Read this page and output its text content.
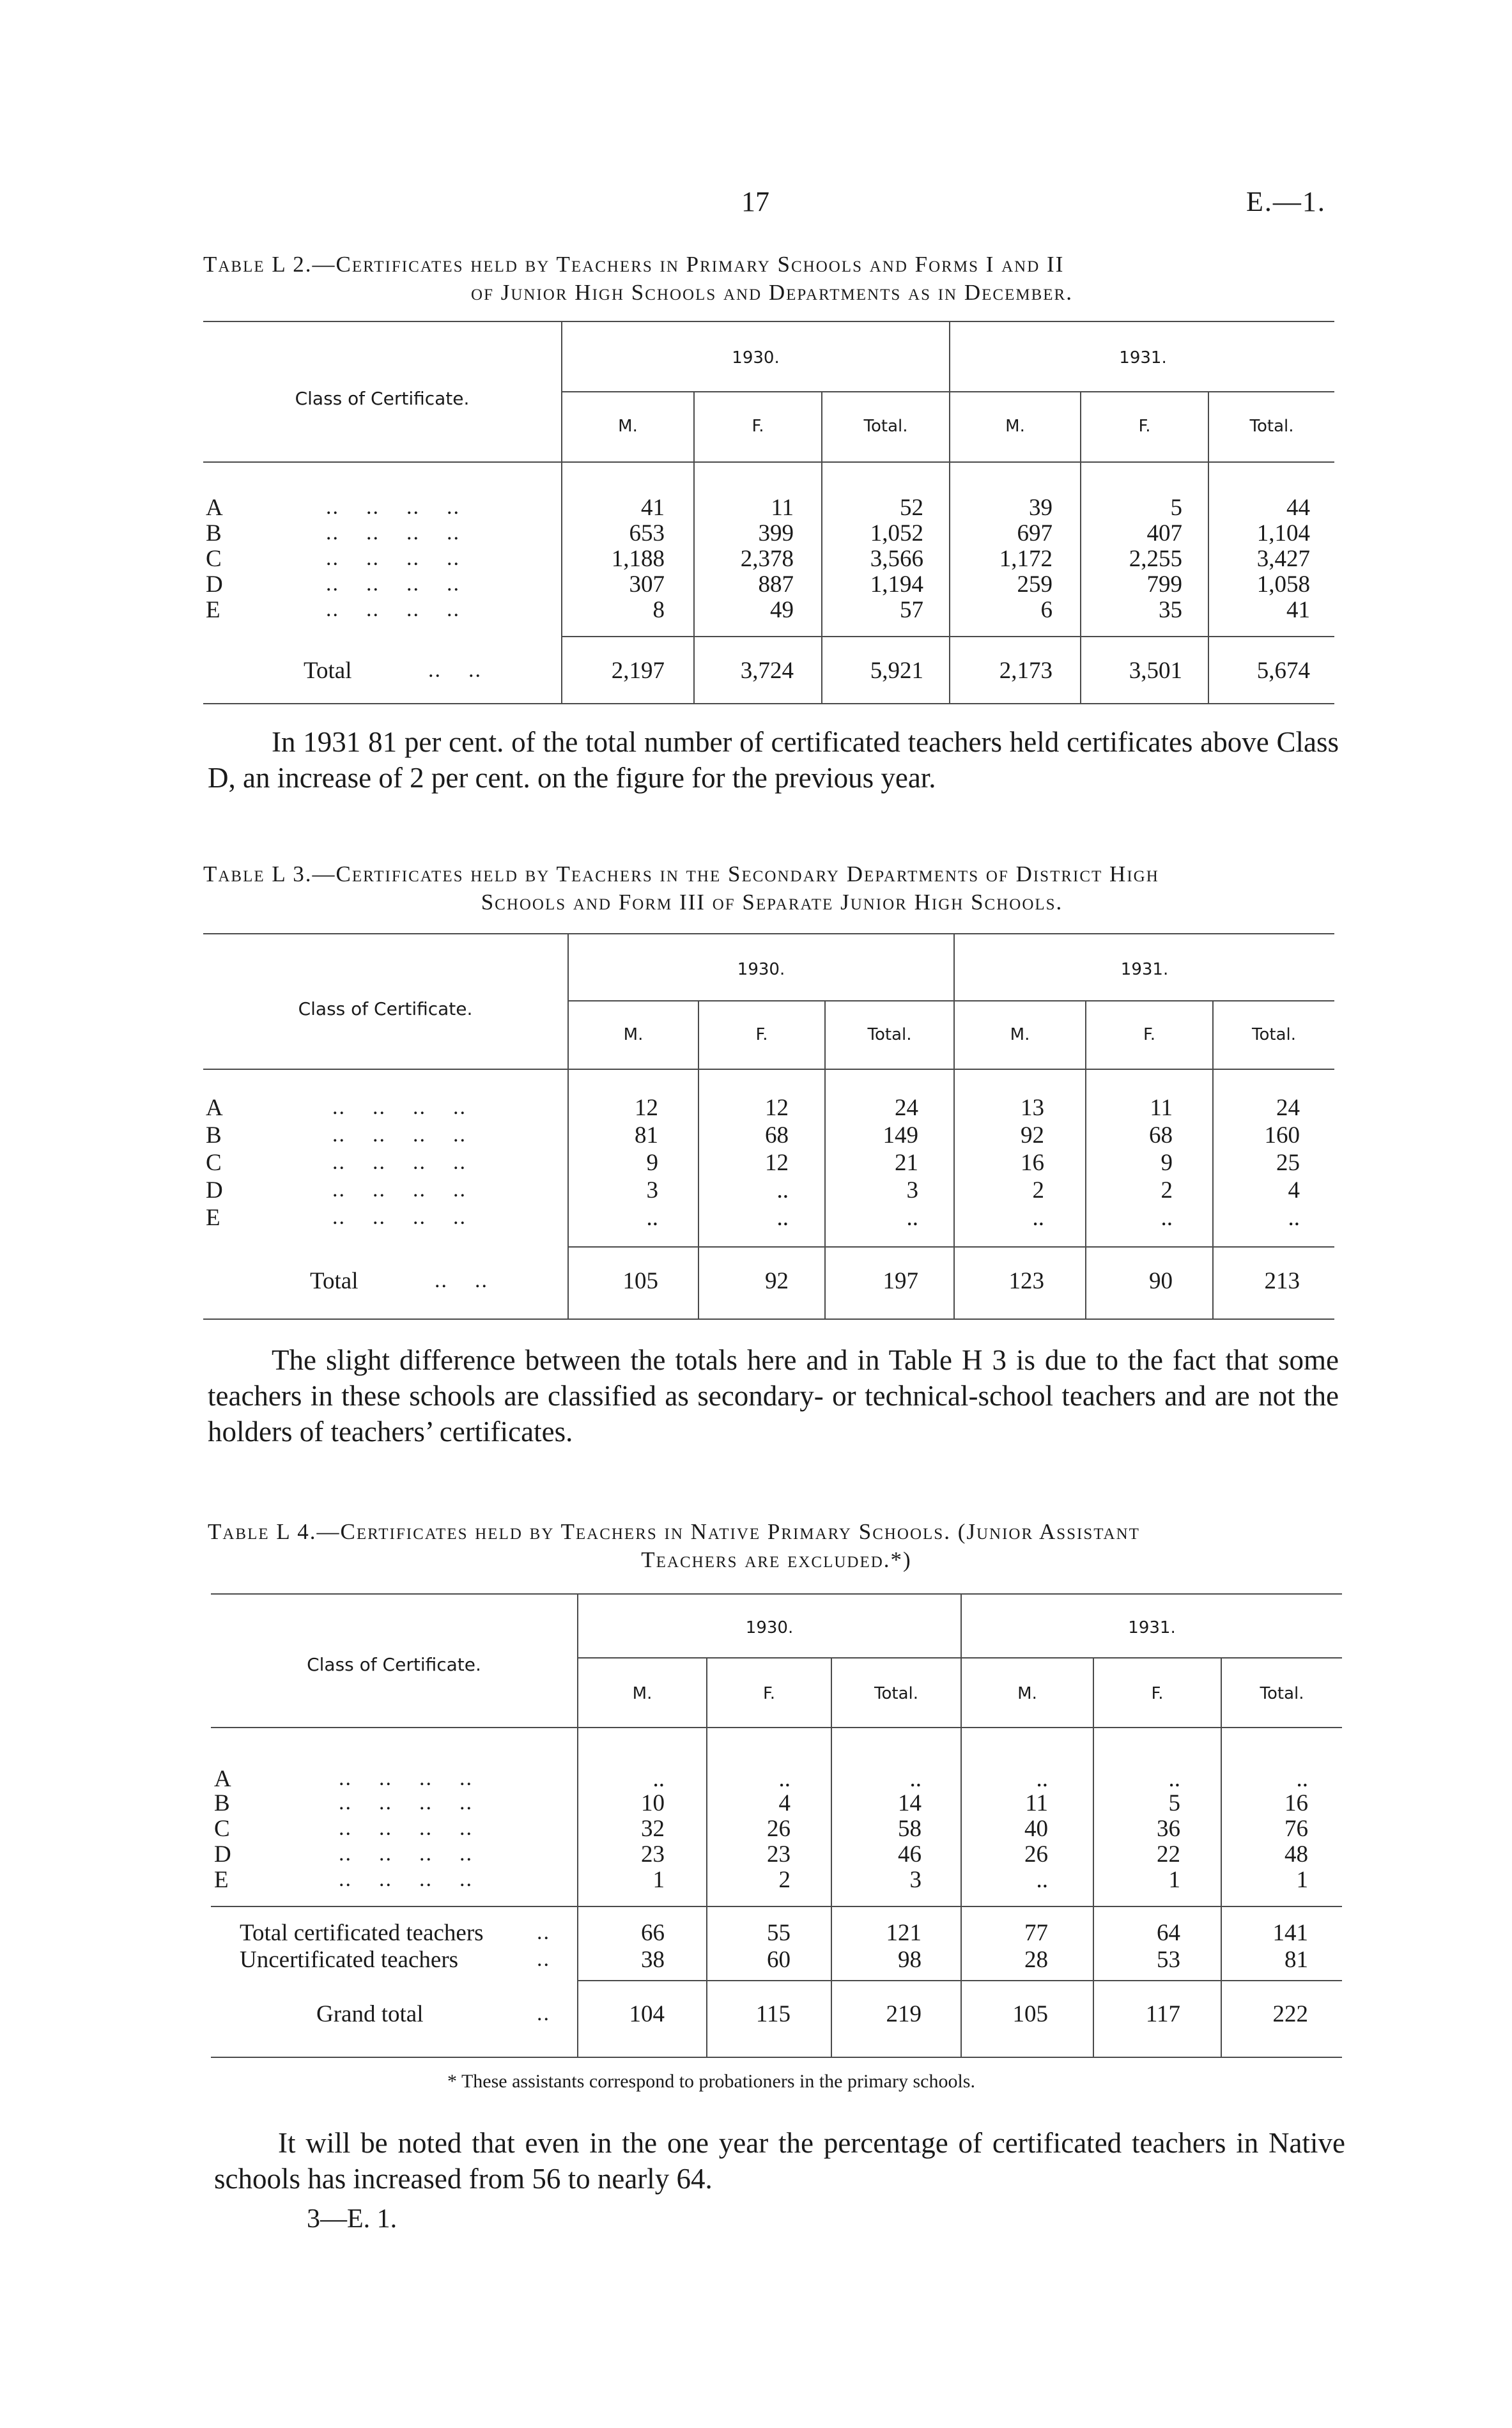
17	E.—1.
Table L 2.—Certificates held by Teachers in Primary Schools and Forms I and II
of Junior High Schools and Departments as in December.
Class of Certificate.
1930.	1931.
M.	F.	Total.	M.	F.	Total.
A	..    ..    ..    ..	41	11	52	39	5	44
B	..    ..    ..    ..	653	399	1,052	697	407	1,104
C	..    ..    ..    ..	1,188	2,378	3,566	1,172	2,255	3,427
D	..    ..    ..    ..	307	887	1,194	259	799	1,058
E	..    ..    ..    ..	8	49	57	6	35	41
Total	..    ..	2,197	3,724	5,921	2,173	3,501	5,674
In 1931 81 per cent. of the total number of certificated teachers held certificates above Class D, an increase of 2 per cent. on the figure for the previous year.
Table L 3.—Certificates held by Teachers in the Secondary Departments of District High
Schools and Form III of Separate Junior High Schools.
Class of Certificate.
1930.	1931.
M.	F.	Total.	M.	F.	Total.
A	..    ..    ..    ..	12	12	24	13	11	24
B	..    ..    ..    ..	81	68	149	92	68	160
C	..    ..    ..    ..	9	12	21	16	9	25
D	..    ..    ..    ..	3	..	3	2	2	4
E	..    ..    ..    ..	..	..	..	..	..	..
Total	..    ..	105	92	197	123	90	213
The slight difference between the totals here and in Table H 3 is due to the fact that some teachers in these schools are classified as secondary- or technical-school teachers and are not the holders of teachers’ certificates.
Table L 4.—Certificates held by Teachers in Native Primary Schools. (Junior Assistant
Teachers are excluded.*)
Class of Certificate.
1930.	1931.
M.	F.	Total.	M.	F.	Total.
A	..    ..    ..    ..	..	..	..	..	..	..
B	..    ..    ..    ..	10	4	14	11	5	16
C	..    ..    ..    ..	32	26	58	40	36	76
D	..    ..    ..    ..	23	23	46	26	22	48
E	..    ..    ..    ..	1	2	3	..	1	1
Total certificated teachers ..	66	55	121	77	64	141
Uncertificated teachers	..	38	60	98	28	53	81
Grand total	..	104	115	219	105	117	222
* These assistants correspond to probationers in the primary schools.
It will be noted that even in the one year the percentage of certificated teachers in Native schools has increased from 56 to nearly 64.
3—E. 1.
